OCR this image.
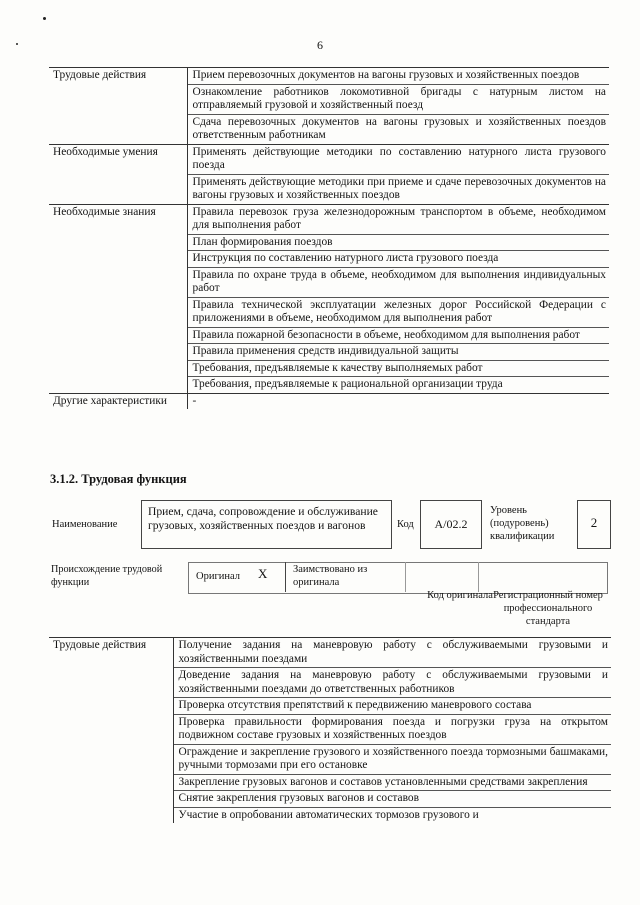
6
Трудовые действия	Прием перевозочных документов на вагоны грузовых и хозяйственных поездов
	Ознакомление работников локомотивной бригады с натурным листом на отправляемый грузовой и хозяйственный поезд
	Сдача перевозочных документов на вагоны грузовых и хозяйственных поездов ответственным работникам
Необходимые умения	Применять действующие методики по составлению натурного листа грузового поезда
	Применять действующие методики при приеме и сдаче перевозочных документов на вагоны грузовых и хозяйственных поездов
Необходимые знания	Правила перевозок груза железнодорожным транспортом в объеме, необходимом для выполнения работ
	План формирования поездов
	Инструкция по составлению натурного листа грузового поезда
	Правила по охране труда в объеме, необходимом для выполнения индивидуальных работ
	Правила технической эксплуатации железных дорог Российской Федерации с приложениями в объеме, необходимом для выполнения работ
	Правила пожарной безопасности в объеме, необходимом для выполнения работ
	Правила применения средств индивидуальной защиты
	Требования, предъявляемые к качеству выполняемых работ
	Требования, предъявляемые к рациональной организации труда
Другие характеристики	-
3.1.2. Трудовая функция
Наименование
Прием, сдача, сопровождение и обслуживание грузовых, хозяйственных поездов и вагонов	Код	A/02.2
Уровень (подуровень) квалификации
2
Происхождение трудовой функции
Оригинал X Заимствовано из оригинала
Код оригинала Регистрационный номер профессионального стандарта
Трудовые действия	Получение задания на маневровую работу с обслуживаемыми грузовыми и хозяйственными поездами
Доведение задания на маневровую работу с обслуживаемыми грузовыми и хозяйственными поездами до ответственных работников
Проверка отсутствия препятствий к передвижению маневрового состава
Проверка правильности формирования поезда и погрузки груза на открытом подвижном составе грузовых и хозяйственных поездов
Ограждение и закрепление грузового и хозяйственного поезда тормозными башмаками, ручными тормозами при его остановке
Закрепление грузовых вагонов и составов установленными средствами закрепления
Снятие закрепления грузовых вагонов и составов
Участие в опробовании автоматических тормозов грузового и
